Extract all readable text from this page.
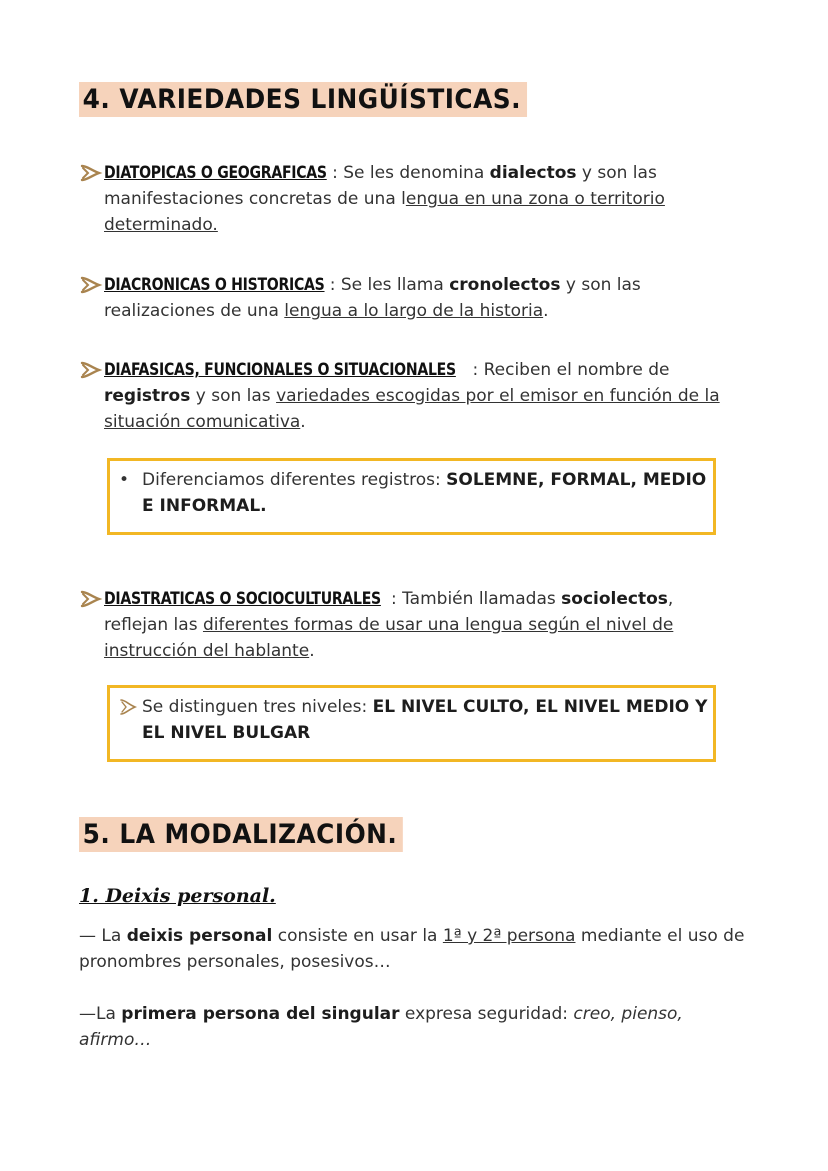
4. VARIEDADES LINGÜÍSTICAS.
DIATOPICAS O GEOGRAFICAS : Se les denomina dialectos y son las
manifestaciones concretas de una lengua en una zona o territorio
determinado.
DIACRONICAS O HISTORICAS : Se les llama cronolectos y son las
realizaciones de una lengua a lo largo de la historia.
DIAFASICAS, FUNCIONALES O SITUACIONALES : Reciben el nombre de
registros y son las variedades escogidas por el emisor en función de la
situación comunicativa.
• Diferenciamos diferentes registros: SOLEMNE, FORMAL, MEDIO
E INFORMAL.
DIASTRATICAS O SOCIOCULTURALES : También llamadas sociolectos,
reflejan las diferentes formas de usar una lengua según el nivel de
instrucción del hablante.
Se distinguen tres niveles: EL NIVEL CULTO, EL NIVEL MEDIO Y
EL NIVEL BULGAR
5. LA MODALIZACIÓN.
1. Deixis personal.
— La deixis personal consiste en usar la 1ª y 2ª persona mediante el uso de
pronombres personales, posesivos…
—La primera persona del singular expresa seguridad: creo, pienso,
afirmo…
